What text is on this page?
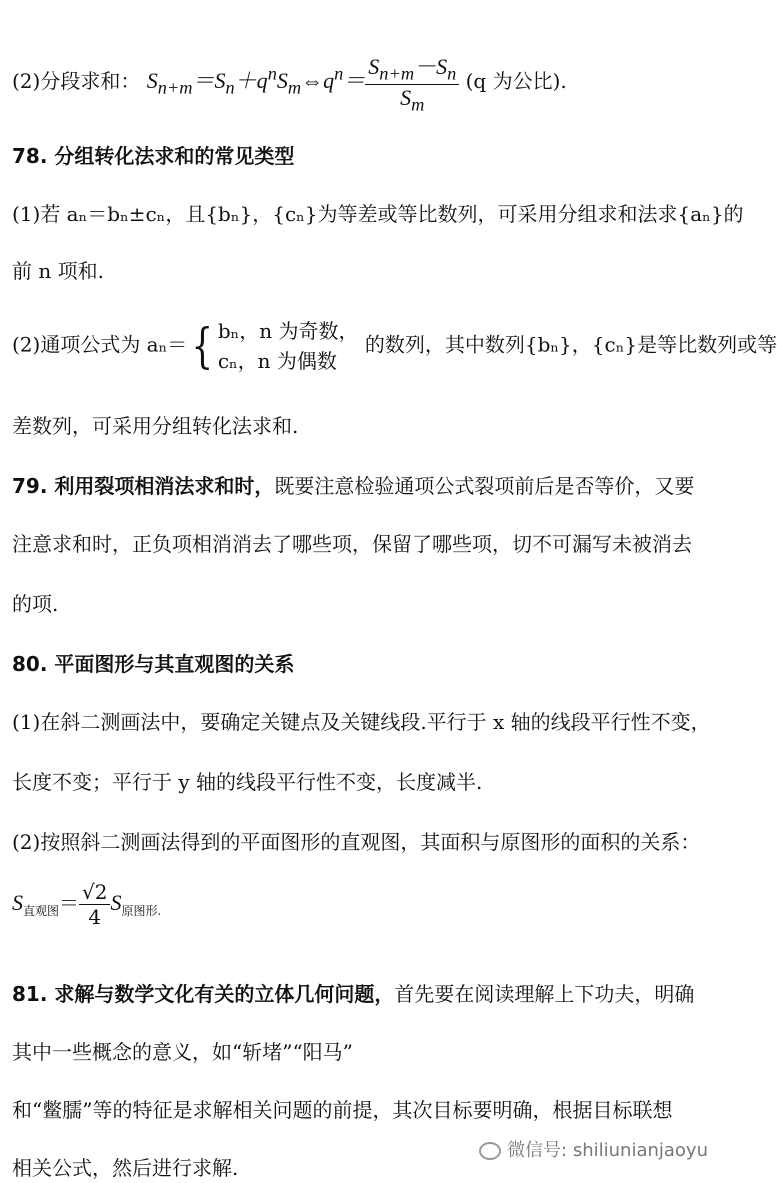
(2)分段求和： $S_{n+m}=S_n+q^nS_m\Leftrightarrow q^n= \frac{S_{n+m}-S_n}{S_m} (q$ 为公比).
78. 分组转化法求和的常见类型
(1)若 aₙ＝bₙ±cₙ，且{bₙ}，{cₙ}为等差或等比数列，可采用分组求和法求{aₙ}的
前 n 项和.
(2)通项公式为 aₙ＝{ bₙ，n 为奇数，
cₙ，n 为偶数
的数列，其中数列{bₙ}，{cₙ}是等比数列或等
差数列，可采用分组转化法求和.
79. 利用裂项相消法求和时，既要注意检验通项公式裂项前后是否等价，又要
注意求和时，正负项相消消去了哪些项，保留了哪些项，切不可漏写未被消去
的项.
80. 平面图形与其直观图的关系
(1)在斜二测画法中，要确定关键点及关键线段.平行于 x 轴的线段平行性不变，
长度不变；平行于 y 轴的线段平行性不变，长度减半.
(2)按照斜二测画法得到的平面图形的直观图，其面积与原图形的面积的关系：
$S_{直观图}= \frac{√2}{4} S_{原图形.}$
81. 求解与数学文化有关的立体几何问题，首先要在阅读理解上下功夫，明确
其中一些概念的意义，如“斩堵”“阳马”
和“鳖臑”等的特征是求解相关问题的前提，其次目标要明确，根据目标联想
相关公式，然后进行求解.
微信号: shiliunianjaoyu
